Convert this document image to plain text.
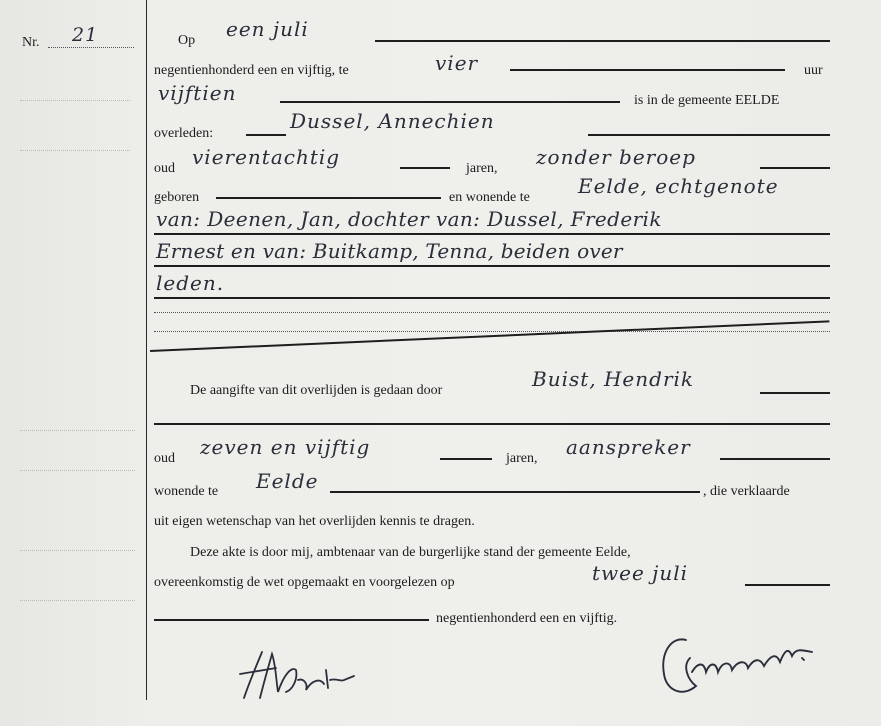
Nr. 21	Op een juli
negentienhonderd een en vijftig, te	vier	uur
vijftien	is in de gemeente EELDE
overleden:
Dussel, Annechien
oud vierentachtig	jaren, zonder beroep
geboren	en wonende te Eelde, echtgenote
van: Deenen, Jan, dochter van: Dussel, Frederik
Ernest en van: Buitkamp, Tenna, beiden over
leden.
De aangifte van dit overlijden is gedaan door	Buist, Hendrik
oud zeven en vijftig	jaren, aanspreker
wonende te Eelde	, die verklaarde
uit eigen wetenschap van het overlijden kennis te dragen.
Deze akte is door mij, ambtenaar van de burgerlijke stand der gemeente Eelde,
overeenkomstig de wet opgemaakt en voorgelezen op	twee juli
negentienhonderd een en vijftig.
